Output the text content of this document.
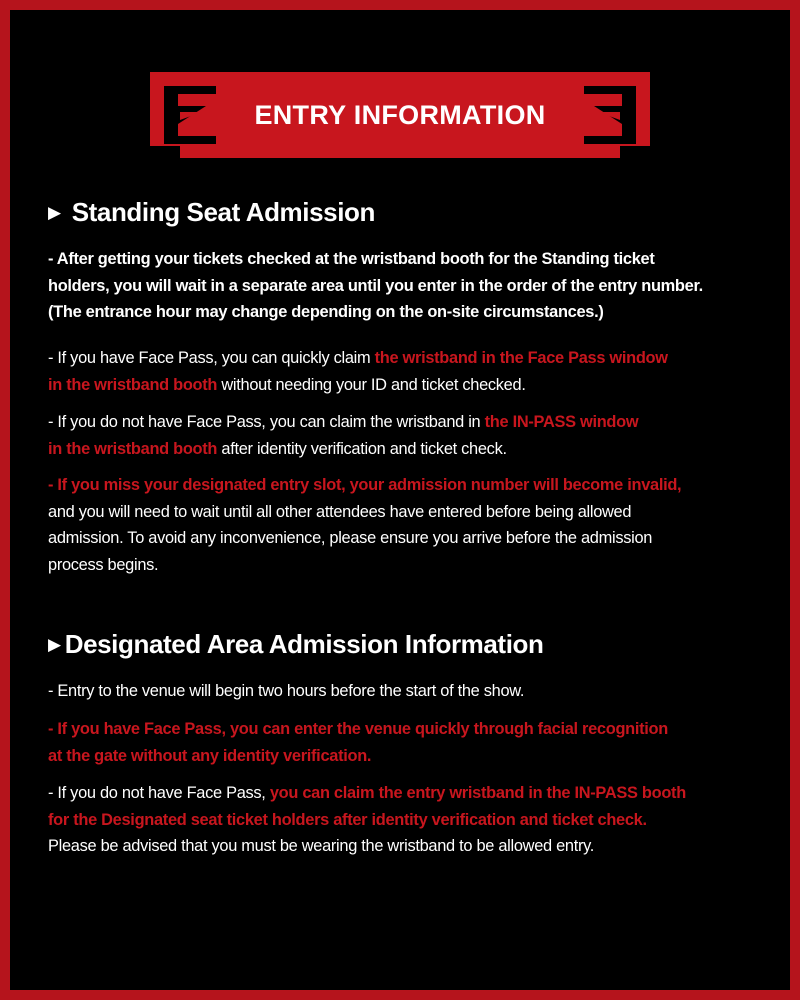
ENTRY INFORMATION
▶ Standing Seat Admission
- After getting your tickets checked at the wristband booth for the Standing ticket
holders, you will wait in a separate area until you enter in the order of the entry number.
(The entrance hour may change depending on the on-site circumstances.)
- If you have Face Pass, you can quickly claim the wristband in the Face Pass window
in the wristband booth without needing your ID and ticket checked.
- If you do not have Face Pass, you can claim the wristband in the IN-PASS window
in the wristband booth after identity verification and ticket check.
- If you miss your designated entry slot, your admission number will become invalid,
and you will need to wait until all other attendees have entered before being allowed
admission. To avoid any inconvenience, please ensure you arrive before the admission
process begins.
▶ Designated Area Admission Information
- Entry to the venue will begin two hours before the start of the show.
- If you have Face Pass, you can enter the venue quickly through facial recognition
at the gate without any identity verification.
- If you do not have Face Pass, you can claim the entry wristband in the IN-PASS booth
for the Designated seat ticket holders after identity verification and ticket check.
Please be advised that you must be wearing the wristband to be allowed entry.
